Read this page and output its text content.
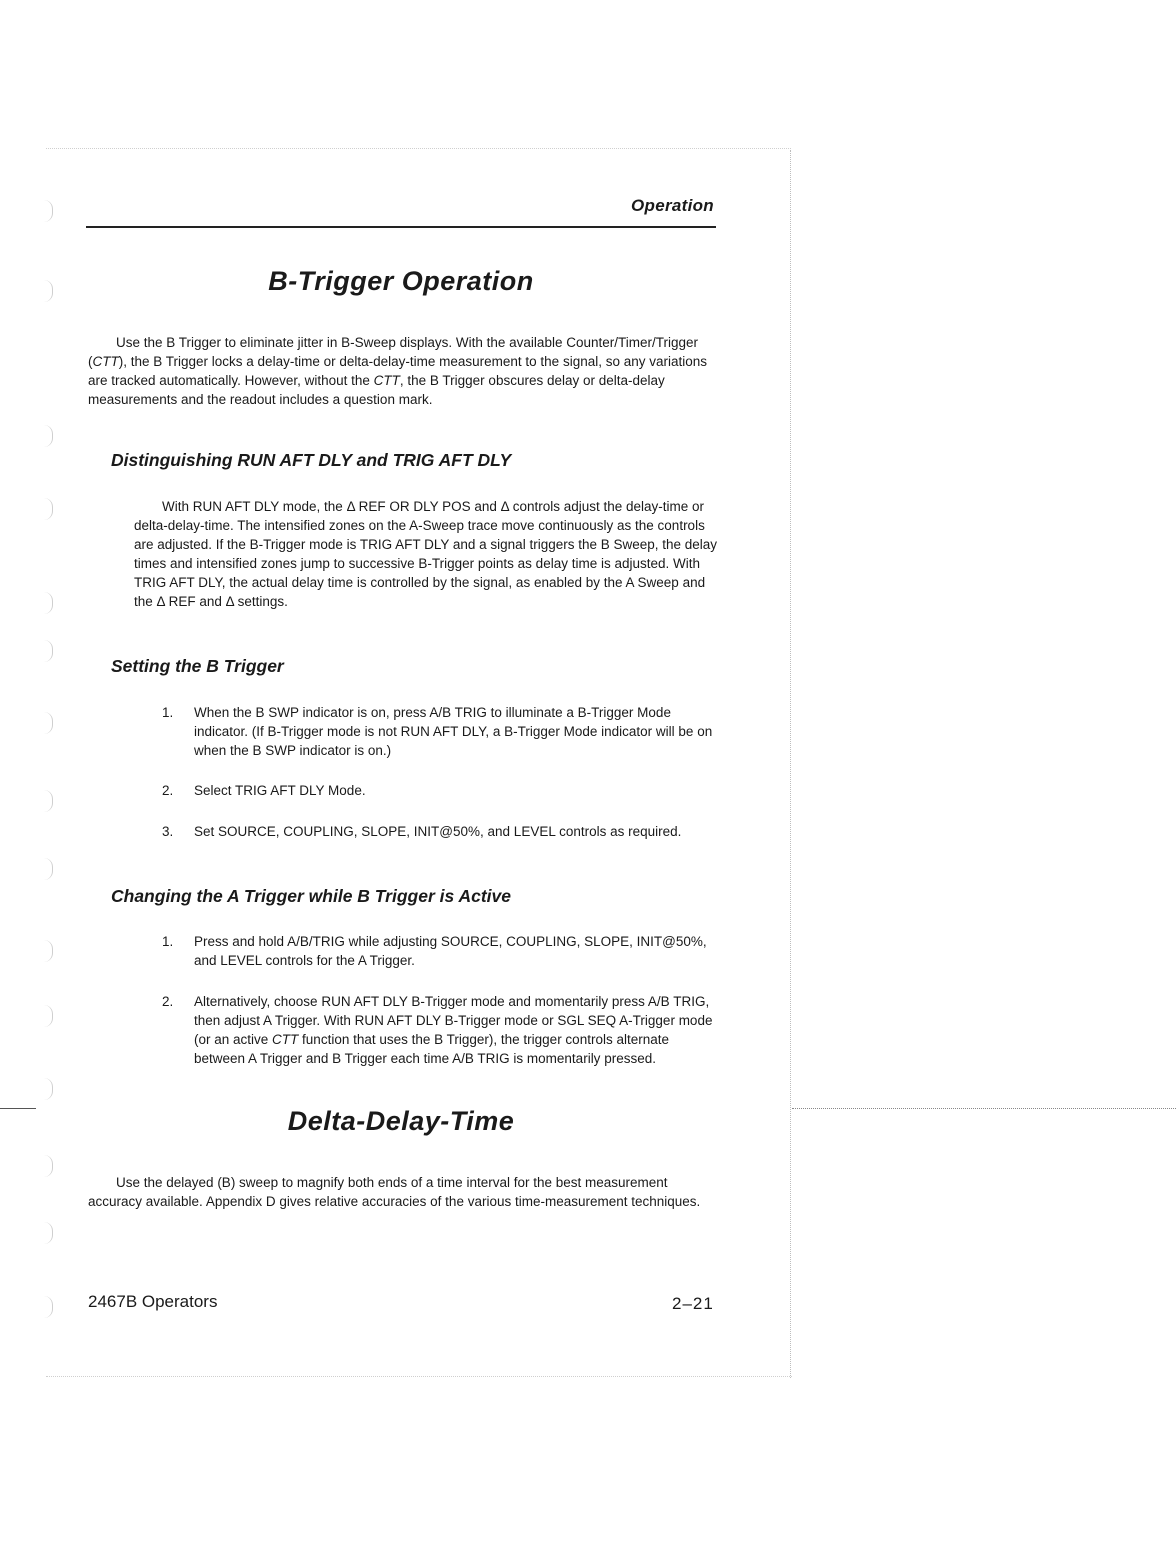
Operation
B-Trigger Operation

Use the B Trigger to eliminate jitter in B-Sweep displays. With the available Counter/Timer/Trigger (CTT), the B Trigger locks a delay-time or delta-delay-time measurement to the signal, so any variations are tracked automatically. However, without the CTT, the B Trigger obscures delay or delta-delay measurements and the readout includes a question mark.

Distinguishing RUN AFT DLY and TRIG AFT DLY

With RUN AFT DLY mode, the Δ REF OR DLY POS and Δ controls adjust the delay-time or delta-delay-time. The intensified zones on the A-Sweep trace move continuously as the controls are adjusted. If the B-Trigger mode is TRIG AFT DLY and a signal triggers the B Sweep, the delay times and intensified zones jump to successive B-Trigger points as delay time is adjusted. With TRIG AFT DLY, the actual delay time is controlled by the signal, as enabled by the A Sweep and the Δ REF and Δ settings.

Setting the B Trigger
1.	When the B SWP indicator is on, press A/B TRIG to illuminate a B-Trigger Mode indicator. (If B-Trigger mode is not RUN AFT DLY, a B-Trigger Mode indicator will be on when the B SWP indicator is on.)
2.	Select TRIG AFT DLY Mode.
3.	Set SOURCE, COUPLING, SLOPE, INIT@50%, and LEVEL controls as required.
Changing the A Trigger while B Trigger is Active
1.	Press and hold A/B/TRIG while adjusting SOURCE, COUPLING, SLOPE, INIT@50%, and LEVEL controls for the A Trigger.
2.	Alternatively, choose RUN AFT DLY B-Trigger mode and momentarily press A/B TRIG, then adjust A Trigger. With RUN AFT DLY B-Trigger mode or SGL SEQ A-Trigger mode (or an active CTT function that uses the B Trigger), the trigger controls alternate between A Trigger and B Trigger each time A/B TRIG is momentarily pressed.
Delta-Delay-Time

Use the delayed (B) sweep to magnify both ends of a time interval for the best measurement accuracy available. Appendix D gives relative accuracies of the various time-measurement techniques.

2467B Operators	2–21
